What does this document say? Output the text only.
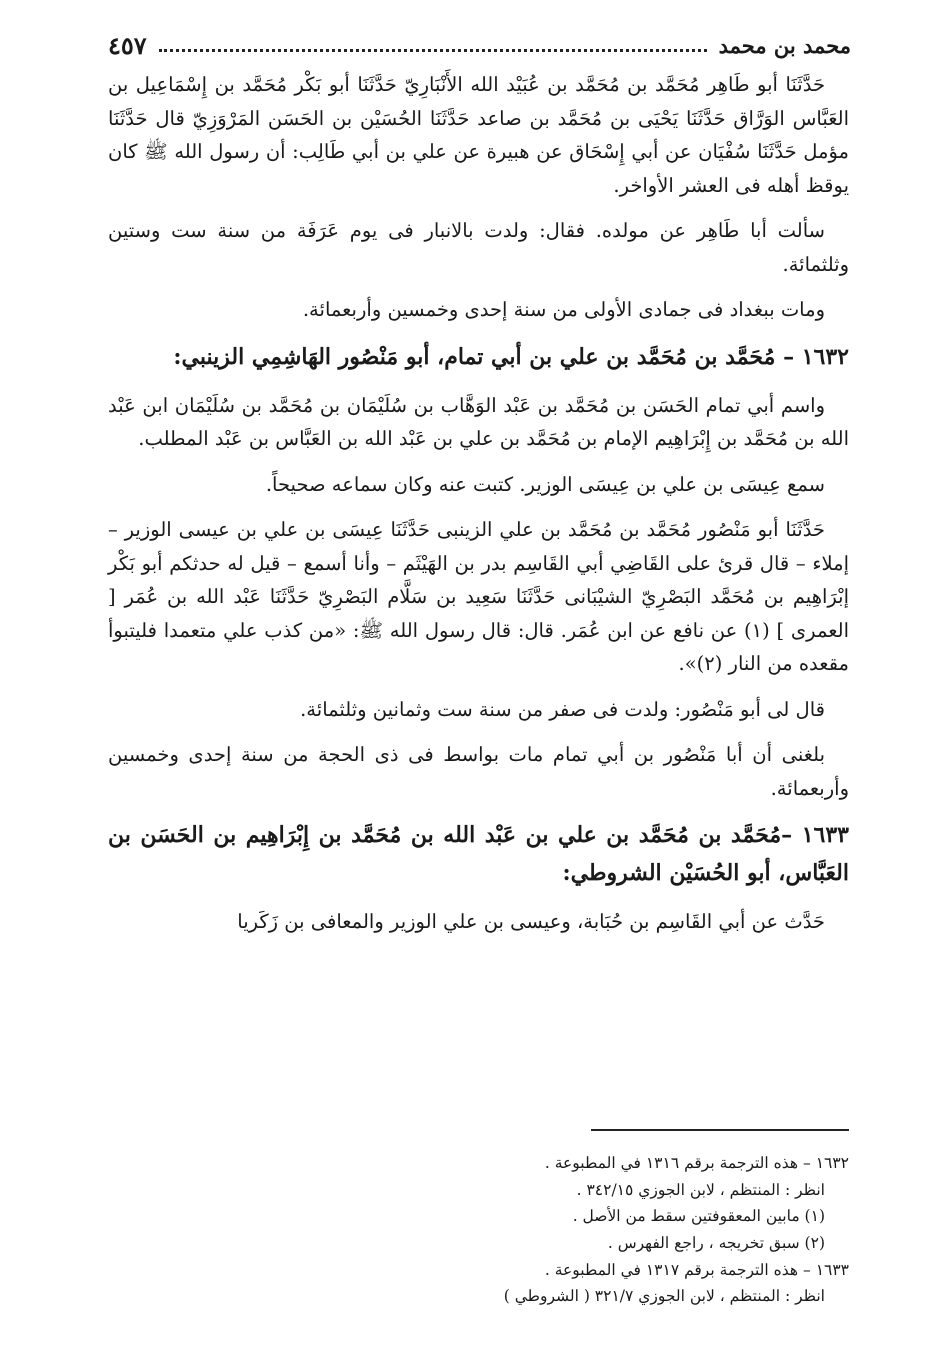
محمد بن محمد
٤٥٧

حَدَّثَنَا أبو طَاهِر مُحَمَّد بن مُحَمَّد بن عُبَيْد الله الأَنْبَارِيّ حَدَّثَنَا أبو بَكْر مُحَمَّد بن إِسْمَاعِيل بن العَبَّاس الوَرَّاق حَدَّثَنَا يَحْيَى بن مُحَمَّد بن صاعد حَدَّثَنَا الحُسَيْن بن الحَسَن المَرْوَزِيّ قال حَدَّثَنَا مؤمل حَدَّثَنَا سُفْيَان عن أبي إِسْحَاق عن هبيرة عن علي بن أبي طَالِب: أن رسول الله ﷺ كان يوقظ أهله فى العشر الأواخر.

سألت أبا طَاهِر عن مولده. فقال: ولدت بالانبار فى يوم عَرَفَة من سنة ست وستين وثلثمائة.

ومات ببغداد فى جمادى الأولى من سنة إحدى وخمسين وأربعمائة.

١٦٣٢ – مُحَمَّد بن مُحَمَّد بن علي بن أبي تمام، أبو مَنْصُور الهَاشِمِي الزينبي:

واسم أبي تمام الحَسَن بن مُحَمَّد بن عَبْد الوَهَّاب بن سُلَيْمَان بن مُحَمَّد بن سُلَيْمَان ابن عَبْد الله بن مُحَمَّد بن إِبْرَاهِيم الإمام بن مُحَمَّد بن علي بن عَبْد الله بن العَبَّاس بن عَبْد المطلب.

سمع عِيسَى بن علي بن عِيسَى الوزير. كتبت عنه وكان سماعه صحيحاً.

حَدَّثَنَا أبو مَنْصُور مُحَمَّد بن مُحَمَّد بن علي الزينبى حَدَّثَنَا عِيسَى بن علي بن عيسى الوزير – إملاء – قال قرئ على القَاضِي أبي القَاسِم بدر بن الهَيْثَم – وأنا أسمع – قيل له حدثكم أبو بَكْر إبْرَاهِيم بن مُحَمَّد البَصْرِيّ الشيْبَانى حَدَّثَنَا سَعِيد بن سَلَّام البَصْرِيّ حَدَّثَنَا عَبْد الله بن عُمَر [ العمرى ] (١) عن نافع عن ابن عُمَر. قال: قال رسول الله ﷺ: «من كذب علي متعمدا فليتبوأ مقعده من النار (٢)».

قال لى أبو مَنْصُور: ولدت فى صفر من سنة ست وثمانين وثلثمائة.

بلغنى أن أبا مَنْصُور بن أبي تمام مات بواسط فى ذى الحجة من سنة إحدى وخمسين وأربعمائة.

١٦٣٣ –مُحَمَّد بن مُحَمَّد بن علي بن عَبْد الله بن مُحَمَّد بن إِبْرَاهِيم بن الحَسَن بن العَبَّاس، أبو الحُسَيْن الشروطي:

حَدَّث عن أبي القَاسِم بن حُبَابة، وعيسى بن علي الوزير والمعافى بن زَكَريا

١٦٣٢ – هذه الترجمة برقم ١٣١٦ في المطبوعة .
انظر : المنتظم ، لابن الجوزي ٣٤٢/١٥ .
(١) مابين المعقوفتين سقط من الأصل .
(٢) سبق تخريجه ، راجع الفهرس .
١٦٣٣ – هذه الترجمة برقم ١٣١٧ في المطبوعة .
انظر : المنتظم ، لابن الجوزي ٣٢١/٧ ( الشروطي )
